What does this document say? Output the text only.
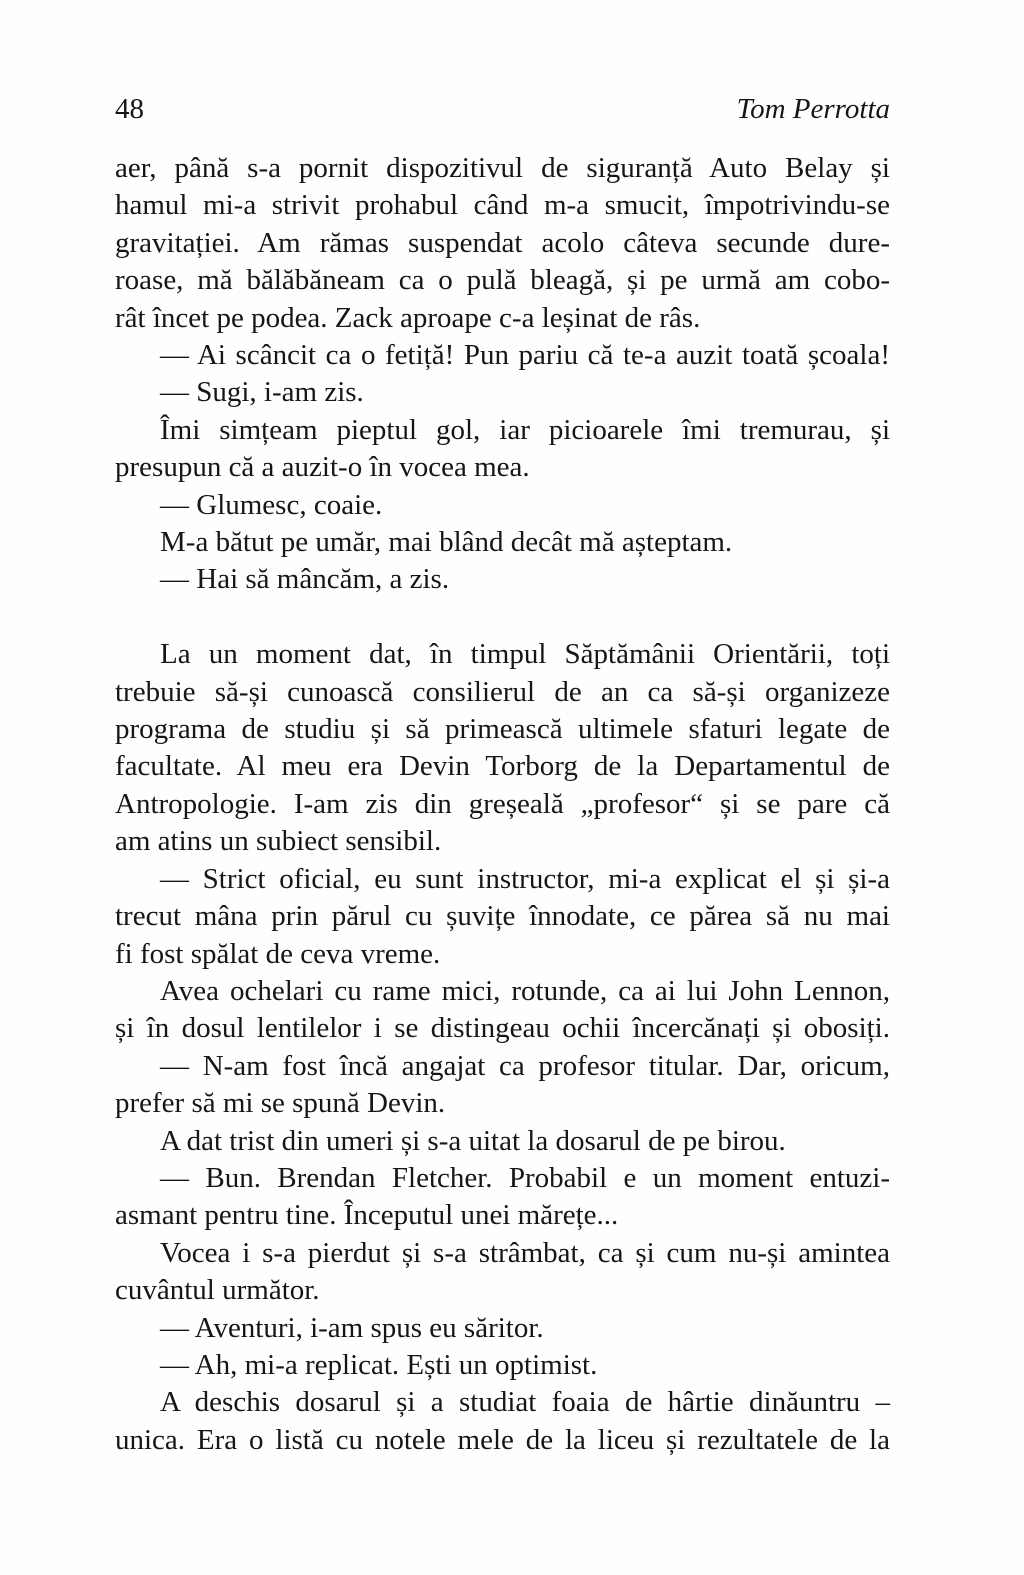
48	Tom Perrotta
aer, până s-a pornit dispozitivul de siguranță Auto Belay și
hamul mi-a strivit prohabul când m-a smucit, împotrivindu-se
gravitației. Am rămas suspendat acolo câteva secunde dure-
roase, mă bălăbăneam ca o pulă bleagă, și pe urmă am cobo-
rât încet pe podea. Zack aproape c-a leșinat de râs.
— Ai scâncit ca o fetiță! Pun pariu că te-a auzit toată școala!
— Sugi, i-am zis.
Îmi simțeam pieptul gol, iar picioarele îmi tremurau, și
presupun că a auzit-o în vocea mea.
— Glumesc, coaie.
M-a bătut pe umăr, mai blând decât mă așteptam.
— Hai să mâncăm, a zis.
La un moment dat, în timpul Săptămânii Orientării, toți
trebuie să-și cunoască consilierul de an ca să-și organizeze
programa de studiu și să primească ultimele sfaturi legate de
facultate. Al meu era Devin Torborg de la Departamentul de
Antropologie. I-am zis din greșeală „profesor“ și se pare că
am atins un subiect sensibil.
— Strict oficial, eu sunt instructor, mi-a explicat el și și-a
trecut mâna prin părul cu șuvițe înnodate, ce părea să nu mai
fi fost spălat de ceva vreme.
Avea ochelari cu rame mici, rotunde, ca ai lui John Lennon,
și în dosul lentilelor i se distingeau ochii încercănați și obosiți.
— N-am fost încă angajat ca profesor titular. Dar, oricum,
prefer să mi se spună Devin.
A dat trist din umeri și s-a uitat la dosarul de pe birou.
— Bun. Brendan Fletcher. Probabil e un moment entuzi-
asmant pentru tine. Începutul unei mărețe...
Vocea i s-a pierdut și s-a strâmbat, ca și cum nu-și amintea
cuvântul următor.
— Aventuri, i-am spus eu săritor.
— Ah, mi-a replicat. Ești un optimist.
A deschis dosarul și a studiat foaia de hârtie dinăuntru –
unica. Era o listă cu notele mele de la liceu și rezultatele de la
